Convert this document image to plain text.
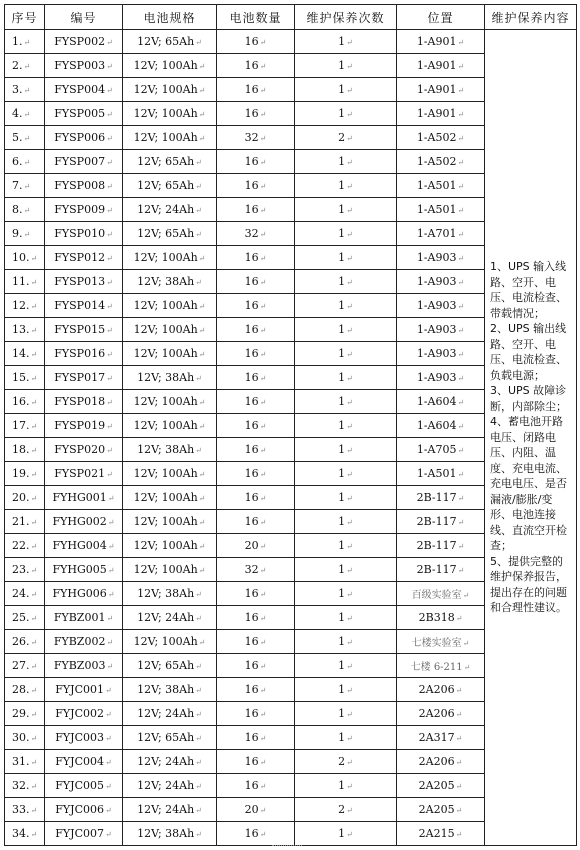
序号	编号	电池规格	电池数量	维护保养次数	位置	维护保养内容
1.↵	FYSP002↵	12V; 65Ah↵	16↵	1↵	1-A901↵	1、UPS 输入线路、空开、电压、电流检查、带载情况；
2、UPS 输出线路、空开、电压、电流检查、负载电源；
3、UPS 故障诊断，内部除尘；
4、蓄电池开路电压、闭路电压、内阻、温度、充电电流、充电电压、是否漏液/膨胀/变形、电池连接线、直流空开检查；
5、提供完整的维护保养报告，提出存在的问题和合理性建议。

2.↵	FYSP003↵	12V; 100Ah↵	16↵	1↵	1-A901↵	
3.↵	FYSP004↵	12V; 100Ah↵	16↵	1↵	1-A901↵	
4.↵	FYSP005↵	12V; 100Ah↵	16↵	1↵	1-A901↵	
5.↵	FYSP006↵	12V; 100Ah↵	32↵	2↵	1-A502↵	
6.↵	FYSP007↵	12V; 65Ah↵	16↵	1↵	1-A502↵	
7.↵	FYSP008↵	12V; 65Ah↵	16↵	1↵	1-A501↵	
8.↵	FYSP009↵	12V; 24Ah↵	16↵	1↵	1-A501↵	
9.↵	FYSP010↵	12V; 65Ah↵	32↵	1↵	1-A701↵	
10.↵	FYSP012↵	12V; 100Ah↵	16↵	1↵	1-A903↵	
11.↵	FYSP013↵	12V; 38Ah↵	16↵	1↵	1-A903↵	
12.↵	FYSP014↵	12V; 100Ah↵	16↵	1↵	1-A903↵	
13.↵	FYSP015↵	12V; 100Ah↵	16↵	1↵	1-A903↵	
14.↵	FYSP016↵	12V; 100Ah↵	16↵	1↵	1-A903↵	
15.↵	FYSP017↵	12V; 38Ah↵	16↵	1↵	1-A903↵	
16.↵	FYSP018↵	12V; 100Ah↵	16↵	1↵	1-A604↵	
17.↵	FYSP019↵	12V; 100Ah↵	16↵	1↵	1-A604↵	
18.↵	FYSP020↵	12V; 38Ah↵	16↵	1↵	1-A705↵	
19.↵	FYSP021↵	12V; 100Ah↵	16↵	1↵	1-A501↵	
20.↵	FYHG001↵	12V; 100Ah↵	16↵	1↵	2B-117↵	
21.↵	FYHG002↵	12V; 100Ah↵	16↵	1↵	2B-117↵	
22.↵	FYHG004↵	12V; 100Ah↵	20↵	1↵	2B-117↵	
23.↵	FYHG005↵	12V; 100Ah↵	32↵	1↵	2B-117↵	
24.↵	FYHG006↵	12V; 38Ah↵	16↵	1↵	百级实验室↵	
25.↵	FYBZ001↵	12V; 24Ah↵	16↵	1↵	2B318↵	
26.↵	FYBZ002↵	12V; 100Ah↵	16↵	1↵	七楼实验室↵	
27.↵	FYBZ003↵	12V; 65Ah↵	16↵	1↵	七楼 6-211↵	
28.↵	FYJC001↵	12V; 38Ah↵	16↵	1↵	2A206↵	
29.↵	FYJC002↵	12V; 24Ah↵	16↵	1↵	2A206↵	
30.↵	FYJC003↵	12V; 65Ah↵	16↵	1↵	2A317↵	
31.↵	FYJC004↵	12V; 24Ah↵	16↵	2↵	2A206↵	
32.↵	FYJC005↵	12V; 24Ah↵	16↵	1↵	2A205↵	
33.↵	FYJC006↵	12V; 24Ah↵	20↵	2↵	2A205↵	
34.↵	FYJC007↵	12V; 38Ah↵	16↵	1↵	2A215↵	
